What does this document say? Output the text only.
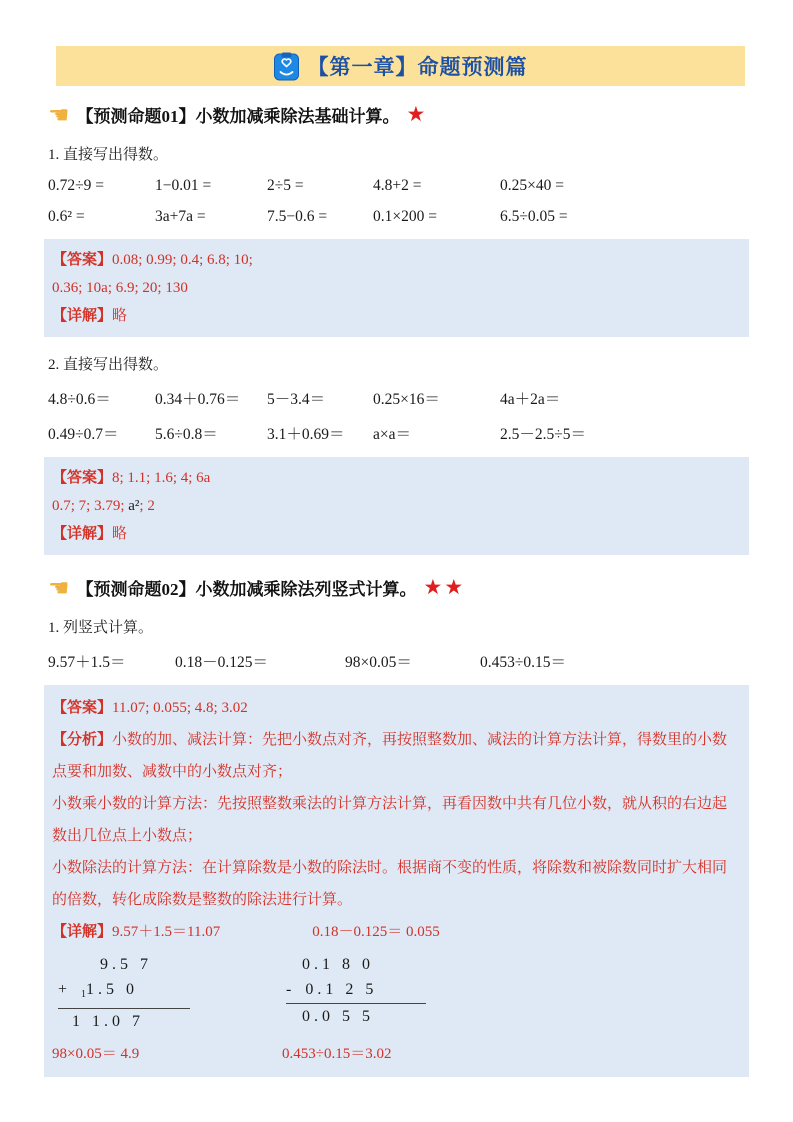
【第一章】命题预测篇
☚ 【预测命题01】小数加减乘除法基础计算。 ★
1. 直接写出得数。
0.72÷9 =	1−0.01 =	2÷5 =	4.8+2 =	0.25×40 =
0.6² =	3a+7a =	7.5−0.6 =	0.1×200 =	6.5÷0.05 =
【答案】0.08; 0.99; 0.4; 6.8; 10;
0.36; 10a; 6.9; 20; 130
【详解】略
2. 直接写出得数。
4.8÷0.6＝	0.34＋0.76＝	5－3.4＝	0.25×16＝	4a＋2a＝
0.49÷0.7＝	5.6÷0.8＝	3.1＋0.69＝	a×a＝	2.5－2.5÷5＝
【答案】8; 1.1; 1.6; 4; 6a
0.7; 7; 3.79; a²; 2
【详解】略
☚ 【预测命题02】小数加减乘除法列竖式计算。 ★★
1. 列竖式计算。
9.57＋1.5＝	0.18－0.125＝	98×0.05＝	0.453÷0.15＝
【答案】11.07; 0.055; 4.8; 3.02
【分析】小数的加、减法计算：先把小数点对齐，再按照整数加、减法的计算方法计算，得数里的小数点要和加数、减数中的小数点对齐；
小数乘小数的计算方法：先按照整数乘法的计算方法计算，再看因数中共有几位小数，就从积的右边起数出几位点上小数点；
小数除法的计算方法：在计算除数是小数的除法时。根据商不变的性质，将除数和被除数同时扩大相同的倍数，转化成除数是整数的除法进行计算。
【详解】9.57＋1.5＝11.07	0.18－0.125＝ 0.055
9.5 7
+ 11.5 0
1 1.0 7
0.1 8 0
- 0.1 2 5
0.0 5 5
98×0.05＝ 4.9	0.453÷0.15＝3.02
